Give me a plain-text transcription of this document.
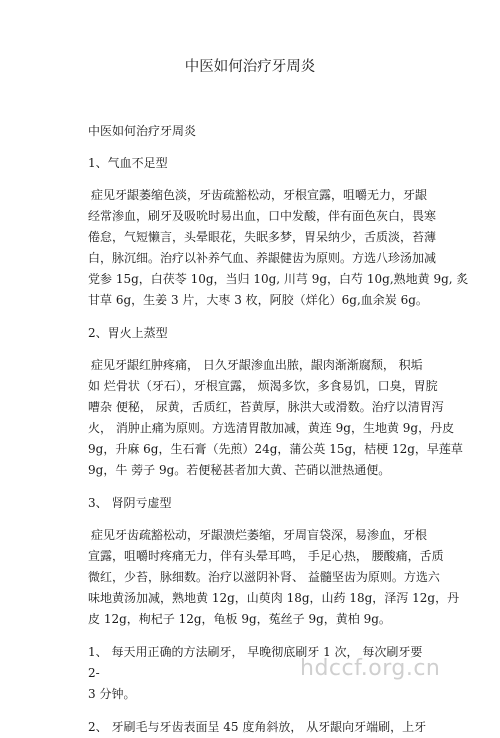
中医如何治疗牙周炎
中医如何治疗牙周炎
1、气血不足型
症见牙龈萎缩色淡，牙齿疏豁松动，牙根宣露，咀嚼无力，牙龈
经常渗血，刷牙及吸吮时易出血，口中发酸，伴有面色灰白，畏寒
倦怠，气短懒言，头晕眼花，失眠多梦，胃呆纳少，舌质淡，苔薄
白，脉沉细。治疗以补养气血、养龈健齿为原则。方选八珍汤加减
党参 15g，白茯苓 10g，当归 10g, 川芎 9g，白芍 10g,熟地黄 9g, 炙
甘草 6g，生姜 3 片，大枣 3 枚，阿胶（烊化）6g,血余炭 6g。
2、胃火上蒸型
症见牙龈红肿疼痛， 日久牙龈渗血出脓，龈肉渐渐腐颓， 积垢
如 烂骨状（牙石），牙根宣露， 烦渴多饮，多食易饥，口臭，胃脘
嘈杂 便秘， 尿黄，舌质红，苔黄厚，脉洪大或滑数。治疗以清胃泻
火， 消肿止痛为原则。方选清胃散加减，黄连 9g，生地黄 9g，丹皮
9g，升麻 6g，生石膏（先煎）24g，蒲公英 15g，桔梗 12g，早莲草
9g，牛 蒡子 9g。若便秘甚者加大黄、芒硝以泄热通便。
3、 肾阴亏虚型
症见牙齿疏豁松动，牙龈溃烂萎缩，牙周盲袋深，易渗血，牙根
宣露，咀嚼时疼痛无力，伴有头晕耳鸣， 手足心热， 腰酸痛，舌质
微红，少苔，脉细数。治疗以滋阴补肾、 益髓坚齿为原则。方选六
味地黄汤加减，熟地黄 12g，山萸肉 18g，山药 18g，泽泻 12g，丹
皮 12g，枸杞子 12g，龟板 9g，菟丝子 9g，黄柏 9g。
1、 每天用正确的方法刷牙， 早晚彻底刷牙 1 次， 每次刷牙要
2-
3 分钟。
2、 牙刷毛与牙齿表面呈 45 度角斜放， 从牙龈向牙端刷，上牙
hdccf.org.cn
